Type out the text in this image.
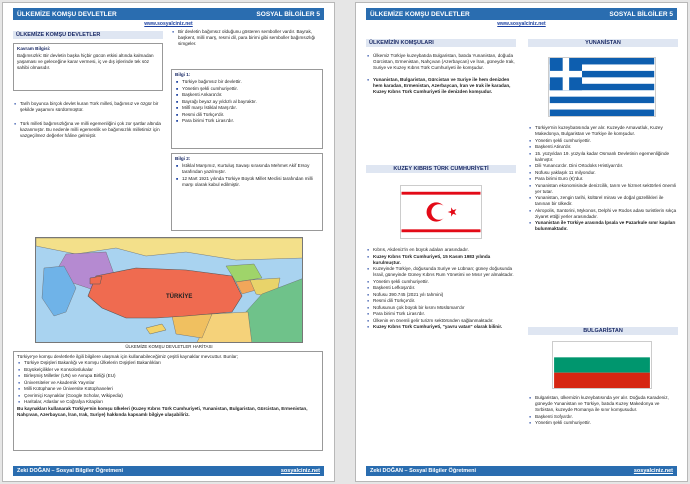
ÜLKEMİZE KOMŞU DEVLETLER	SOSYAL BİLGİLER 5
www.sosyalciniz.net
ÜLKEMİZE KOMŞU DEVLETLER
Kavram Bilgisi:
Bağımsızlık: Bir devletin başka hiçbir gücün etkisi altında kalmadan yaşaması ve geleceğine karar vermesi, iç ve dış işlerinde tek söz sahibi olmasıdır.
● Tarih boyunca birçok devlet kuran Türk milleti, bağımsız ve özgür bir şekilde yaşamını sürdürmüştür.
● Türk milleti bağımsızlığına ve milli egemenliğini çok zor şartlar altında kazanmıştır. Bu nedenle milli egemenlik ve bağımsızlık milletimiz için vazgeçilmez değerler hâline gelmiştir.
● Bir devletin bağımsız olduğunu gösteren semboller vardır. Bayrak, başkent, milli marş, resmi dil, para birimi gibi semboller bağımsızlığı simgeler.
Bilgi 1:
■ Türkiye bağımsız bir devlettir.
■ Yönetim şekli cumhuriyettir.
■ Başkenti Ankara'dır.
■ Bayrağı beyaz ay yıldızlı al bayraktır.
■ Millî marşı İstiklal Marşı'dır.
■ Resmi dili Türkçe'dir.
■ Para birimi Türk Lirası'dır.
Bilgi 2:
■ İstiklal Marşımız, Kurtuluş Savaşı sırasında Mehmet Akif Ersoy tarafından yazılmıştır.
■ 12 Mart 1921 yılında Türkiye Büyük Millet Meclisi tarafından milli marşı olarak kabul edilmiştir.
TÜRKİYE
ÜLKEMİZE KOMŞU DEVLETLER HARİTASI
Türkiye'ye komşu devletlerle ilgili bilgilere ulaşmak için kullanabileceğimiz çeşitli kaynaklar mevcuttur. Bunlar;
● Türkiye Dışişleri Bakanlığı ve Komşu Ülkelerin Dışişleri Bakanlıkları
● Büyükelçilikler ve Konsoloslukalar
● Birleşmiş Milletler (UN) ve Avrupa Birliği (EU)
● Üniversiteler ve Akademik Yayınlar
● Milli Kütüphane ve Üniversite Kütüphaneleri
● Çevrimiçi Kaynaklar (Google Scholar, Wikipedia)
● Haritalar, Atlaslar ve Coğrafya Kitapları
Bu kaynakları kullanarak Türkiye'nin komşu ülkeleri (Kuzey Kıbrıs Türk Cumhuriyeti, Yunanistan, Bulgaristan, Gürcistan, Ermenistan, Nahçıvan, Azerbaycan, İran, Irak, Suriye) hakkında kapsamlı bilgiye ulaşabiliriz.
Zeki DOĞAN – Sosyal Bilgiler Öğretmeni	sosyalciniz.net
ÜLKEMİZE KOMŞU DEVLETLER	SOSYAL BİLGİLER 5
www.sosyalciniz.net
ÜLKEMİZİN KOMŞULARI
● Ülkemiz Türkiye kuzeybatıda Bulgaristan, batıda Yunanistan, doğuda Gürcistan, Ermenistan, Nahçıvan (Azerbaycan) ve İran, güneyde Irak, Suriye ve Kuzey Kıbrıs Türk Cumhuriyeti ile komşudur.
● Yunanistan, Bulgaristan, Gürcistan ve Suriye ile hem denizden hem karadan, Ermenistan, Azerbaycan, İran ve Irak ile karadan, Kuzey Kıbrıs Türk Cumhuriyeti ile denizden komşudur.
KUZEY KIBRIS TÜRK CUMHURİYETİ
● Kıbrıs, Akdeniz'in en büyük adaları arasındadır.
● Kuzey Kıbrıs Türk Cumhuriyeti, 15 Kasım 1983 yılında kurulmuştur.
● Kuzeyinde Türkiye, doğusunda Suriye ve Lübnan; güney doğusunda İsrail, güneyinde Güney Kıbrıs Rum Yönetimi ve Mısır yer almaktadır.
● Yönetim şekli cumhuriyettir.
● Başkenti Lefkoşa'dır.
● Nüfusu 390.745 (2021 yılı tahmini)
● Resmi dili Türkçe'dir.
● Nüfusunun çok büyük bir kısmı Müslüman'dır
● Para birimi Türk Lirası'dır.
● Ülkenin en önemli gelir turizm sektöründen sağlanmaktadır.
● Kuzey Kıbrıs Türk Cumhuriyeti, "yavru vatan" olarak bilinir.
YUNANİSTAN
● Türkiye'nin kuzeybatısında yer alır. Kuzeyde Arnavutluk, Kuzey Makedonya, Bulgaristan ve Türkiye ile komşudur.
● Yönetim şekli cumhuriyettir.
● Başkenti Atina'dır.
● 15. yüzyıldan 19. yüzyıla kadar Osmanlı Devletinin egemenliğinde kalmıştır.
● Dili Yunanca'dır. Dini Ortodoks Hristiyan'dır.
● Nüfusu yaklaşık 11 milyondur.
● Para birimi Euro (€)'dur.
● Yunanistan ekonomisinde denizcilik, tarım ve hizmet sektörleri önemli yer tutar.
● Yunanistan, zengin tarihi, kültürel mirası ve doğal güzellikleri ile tanınan bir ülkedir.
● Akropolis, Santorini, Mykonos, Delphi ve Rodos adası turistlerin sıkça ziyaret ettiği yerler arasındadır.
● Yunanistan ile Türkiye arasında İpsala ve Pazarkule sınır kapıları bulunmaktadır.
BULGARİSTAN
● Bulgaristan, ülkemizin kuzeybatısında yer alır. Doğuda Karadeniz, güneyde Yunanistan ve Türkiye, batıda Kuzey Makedonya ve Sırbistan, kuzeyde Romanya ile sınır komşusudur.
● Başkenti Sofya'dır.
● Yönetim şekli cumhuriyettir.
Zeki DOĞAN – Sosyal Bilgiler Öğretmeni	sosyalciniz.net
